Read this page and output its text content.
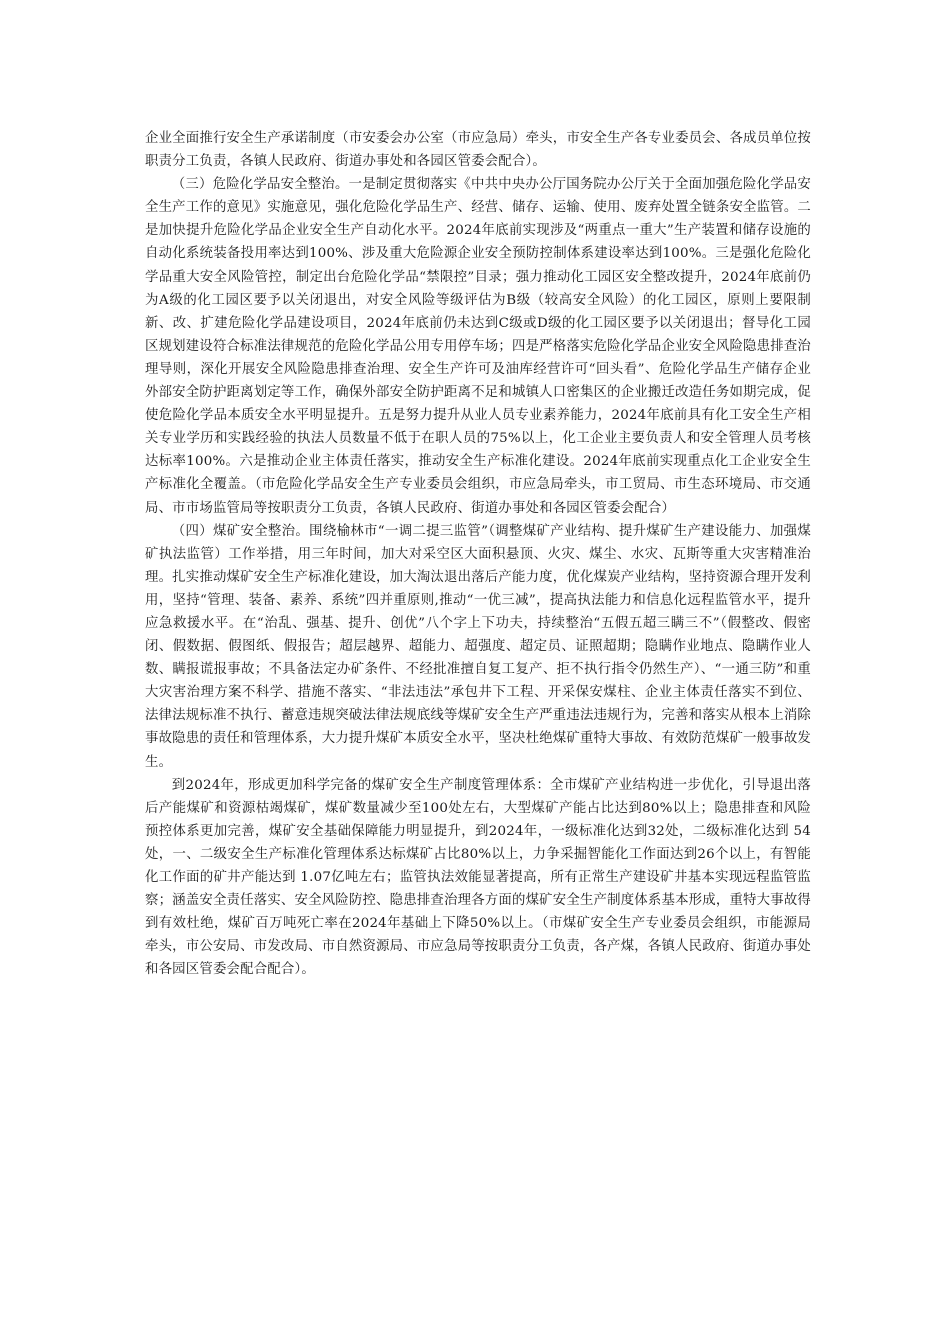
企业全面推行安全生产承诺制度（市安委会办公室（市应急局）牵头，市安全生产各专业委员会、各成员单位按职责分工负责，各镇人民政府、街道办事处和各园区管委会配合）。

（三）危险化学品安全整治。一是制定贯彻落实《中共中央办公厅国务院办公厅关于全面加强危险化学品安全生产工作的意见》实施意见，强化危险化学品生产、经营、储存、运输、使用、废弃处置全链条安全监管。二是加快提升危险化学品企业安全生产自动化水平。2024年底前实现涉及“两重点一重大”生产装置和储存设施的自动化系统装备投用率达到100%、涉及重大危险源企业安全预防控制体系建设率达到100%。三是强化危险化学品重大安全风险管控，制定出台危险化学品“禁限控”目录；强力推动化工园区安全整改提升，2024年底前仍为A级的化工园区要予以关闭退出，对安全风险等级评估为B级（较高安全风险）的化工园区，原则上要限制新、改、扩建危险化学品建设项目，2024年底前仍未达到C级或D级的化工园区要予以关闭退出；督导化工园区规划建设符合标准法律规范的危险化学品公用专用停车场；四是严格落实危险化学品企业安全风险隐患排查治理导则，深化开展安全风险隐患排查治理、安全生产许可及油库经营许可“回头看”、危险化学品生产储存企业外部安全防护距离划定等工作，确保外部安全防护距离不足和城镇人口密集区的企业搬迁改造任务如期完成，促使危险化学品本质安全水平明显提升。五是努力提升从业人员专业素养能力，2024年底前具有化工安全生产相关专业学历和实践经验的执法人员数量不低于在职人员的75%以上，化工企业主要负责人和安全管理人员考核达标率100%。六是推动企业主体责任落实，推动安全生产标准化建设。2024年底前实现重点化工企业安全生产标准化全覆盖。（市危险化学品安全生产专业委员会组织，市应急局牵头，市工贸局、市生态环境局、市交通局、市市场监管局等按职责分工负责，各镇人民政府、街道办事处和各园区管委会配合）

（四）煤矿安全整治。围绕榆林市“一调二提三监管”（调整煤矿产业结构、提升煤矿生产建设能力、加强煤矿执法监管）工作举措，用三年时间，加大对采空区大面积悬顶、火灾、煤尘、水灾、瓦斯等重大灾害精准治理。扎实推动煤矿安全生产标准化建设，加大淘汰退出落后产能力度，优化煤炭产业结构，坚持资源合理开发利用，坚持“管理、装备、素养、系统”四并重原则,推动“一优三减”，提高执法能力和信息化远程监管水平，提升应急救援水平。在“治乱、强基、提升、创优”八个字上下功夫，持续整治“五假五超三瞒三不”（假整改、假密闭、假数据、假图纸、假报告；超层越界、超能力、超强度、超定员、证照超期；隐瞒作业地点、隐瞒作业人数、瞒报谎报事故；不具备法定办矿条件、不经批准擅自复工复产、拒不执行指令仍然生产）、“一通三防”和重大灾害治理方案不科学、措施不落实、“非法违法”承包井下工程、开采保安煤柱、企业主体责任落实不到位、法律法规标准不执行、蓄意违规突破法律法规底线等煤矿安全生产严重违法违规行为，完善和落实从根本上消除事故隐患的责任和管理体系，大力提升煤矿本质安全水平，坚决杜绝煤矿重特大事故、有效防范煤矿一般事故发生。

到2024年，形成更加科学完备的煤矿安全生产制度管理体系：全市煤矿产业结构进一步优化，引导退出落后产能煤矿和资源枯竭煤矿，煤矿数量减少至100处左右，大型煤矿产能占比达到80%以上；隐患排查和风险预控体系更加完善，煤矿安全基础保障能力明显提升，到2024年，一级标准化达到32处，二级标准化达到 54 处，一、二级安全生产标准化管理体系达标煤矿占比80%以上，力争采掘智能化工作面达到26个以上，有智能化工作面的矿井产能达到 1.07亿吨左右；监管执法效能显著提高，所有正常生产建设矿井基本实现远程监管监察；涵盖安全责任落实、安全风险防控、隐患排查治理各方面的煤矿安全生产制度体系基本形成，重特大事故得到有效杜绝，煤矿百万吨死亡率在2024年基础上下降50%以上。（市煤矿安全生产专业委员会组织，市能源局牵头，市公安局、市发改局、市自然资源局、市应急局等按职责分工负责，各产煤，各镇人民政府、街道办事处和各园区管委会配合配合）。
